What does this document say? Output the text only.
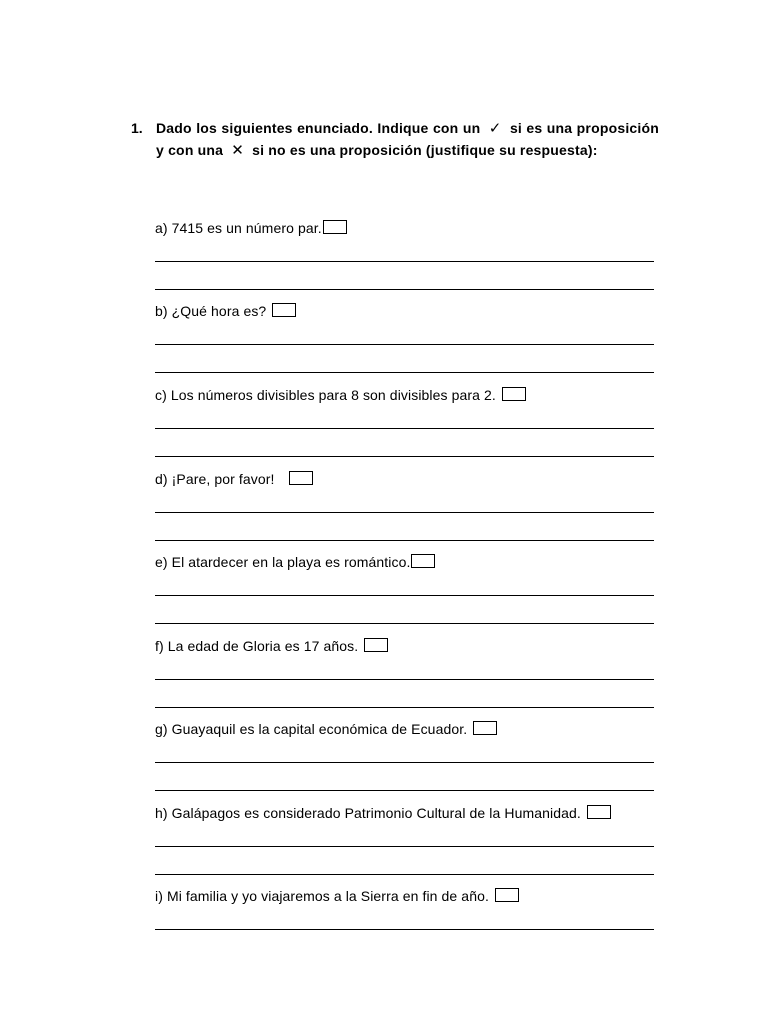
1. Dado los siguientes enunciado. Indique con un ✓ si es una proposición y con una ✕ si no es una proposición (justifique su respuesta):
a) 7415 es un número par.
b) ¿Qué hora es?
c) Los números divisibles para 8 son divisibles para 2.
d) ¡Pare, por favor!
e) El atardecer en la playa es romántico.
f) La edad de Gloria es 17 años.
g) Guayaquil es la capital económica de Ecuador.
h) Galápagos es considerado Patrimonio Cultural de la Humanidad.
i) Mi familia y yo viajaremos a la Sierra en fin de año.
